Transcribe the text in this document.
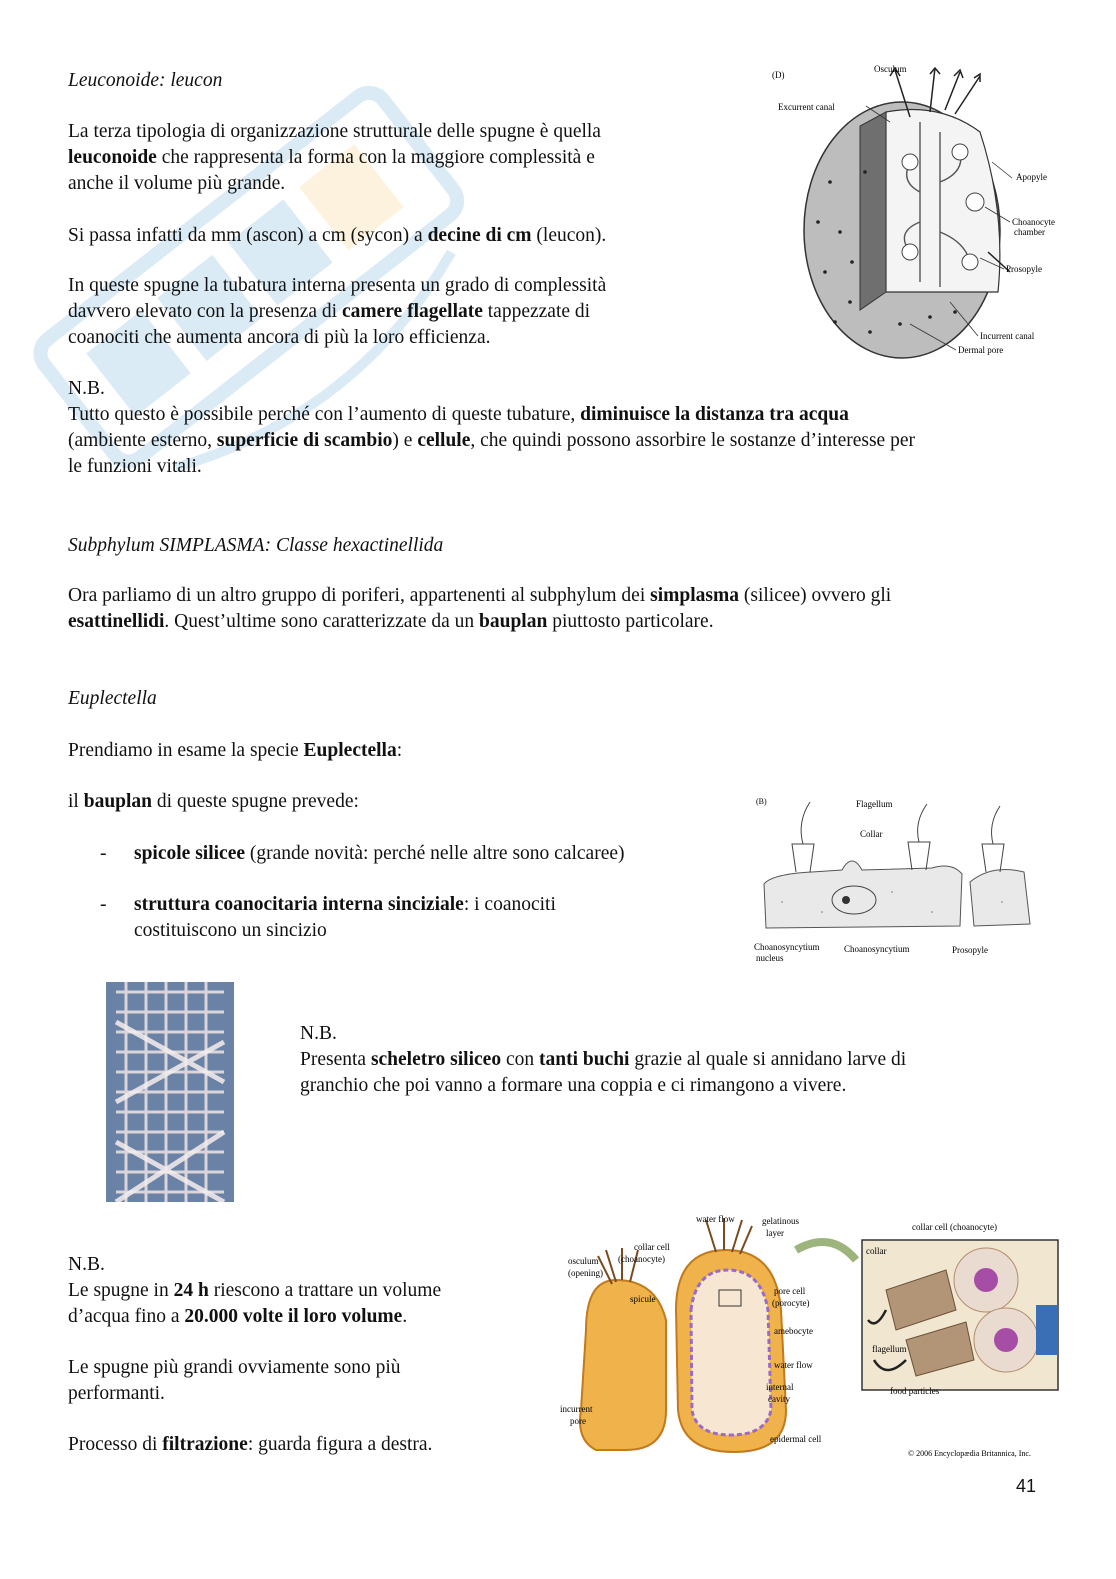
Leuconoide: leucon

La terza tipologia di organizzazione strutturale delle spugne è quella
leuconoide che rappresenta la forma con la maggiore complessità e
anche il volume più grande.

Si passa infatti da mm (ascon) a cm (sycon) a decine di cm (leucon).

In queste spugne la tubatura interna presenta un grado di complessità
davvero elevato con la presenza di camere flagellate tappezzate di
coanociti che aumenta ancora di più la loro efficienza.

N.B.
Tutto questo è possibile perché con l’aumento di queste tubature, diminuisce la distanza tra acqua
(ambiente esterno, superficie di scambio) e cellule, che quindi possono assorbire le sostanze d’interesse per
le funzioni vitali.

(D)
Osculum
Excurrent canal
Apopyle
Choanocyte
chamber
Prosopyle
Incurrent canal
Dermal pore

Subphylum SIMPLASMA: Classe hexactinellida

Ora parliamo di un altro gruppo di poriferi, appartenenti al subphylum dei simplasma (silicee) ovvero gli
esattinellidi. Quest’ultime sono caratterizzate da un bauplan piuttosto particolare.

Euplectella

Prendiamo in esame la specie Euplectella:

il bauplan di queste spugne prevede:

- spicole silicee (grande novità: perché nelle altre sono calcaree)

- struttura coanocitaria interna sinciziale: i coanociti
costituiscono un sincizio

(B)	Flagellum
Collar
Choanosyncytium
nucleus
Choanosyncytium	Prosopyle

N.B.
Presenta scheletro siliceo con tanti buchi grazie al quale si annidano larve di
granchio che poi vanno a formare una coppia e ci rimangono a vivere.

N.B.
Le spugne in 24 h riescono a trattare un volume
d’acqua fino a 20.000 volte il loro volume.

Le spugne più grandi ovviamente sono più
performanti.

Processo di filtrazione: guarda figura a destra.

water flow	gelatinous
layer
collar cell (choanocyte)
osculum
(opening)
collar cell
(choanocyte)
collar
spicule
pore cell
(porocyte)
amebocyte
water flow
internal
cavity
incurrent
pore
epidermal cell
flagellum
food particles
© 2006 Encyclopædia Britannica, Inc.
41
